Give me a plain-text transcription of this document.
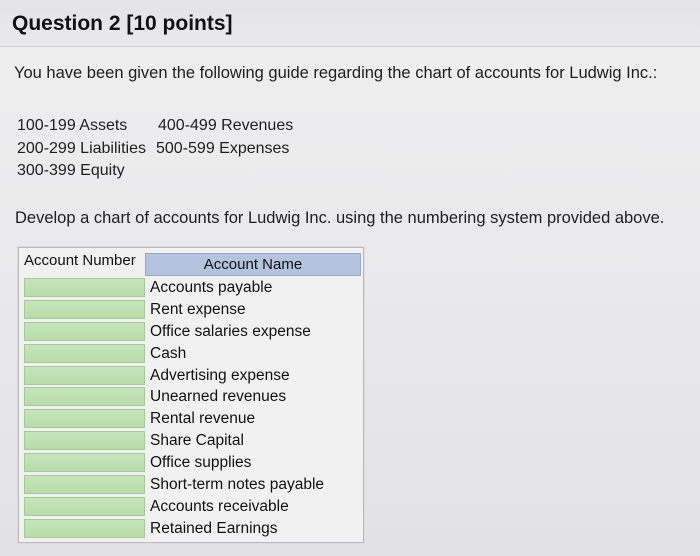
Question 2 [10 points]
You have been given the following guide regarding the chart of accounts for Ludwig Inc.:
100-199 Assets 400-499 Revenues
200-299 Liabilities 500-599 Expenses
300-399 Equity
Develop a chart of accounts for Ludwig Inc. using the numbering system provided above.
Account Number	Account Name
Accounts payable
Rent expense
Office salaries expense
Cash
Advertising expense
Unearned revenues
Rental revenue
Share Capital
Office supplies
Short-term notes payable
Accounts receivable
Retained Earnings
